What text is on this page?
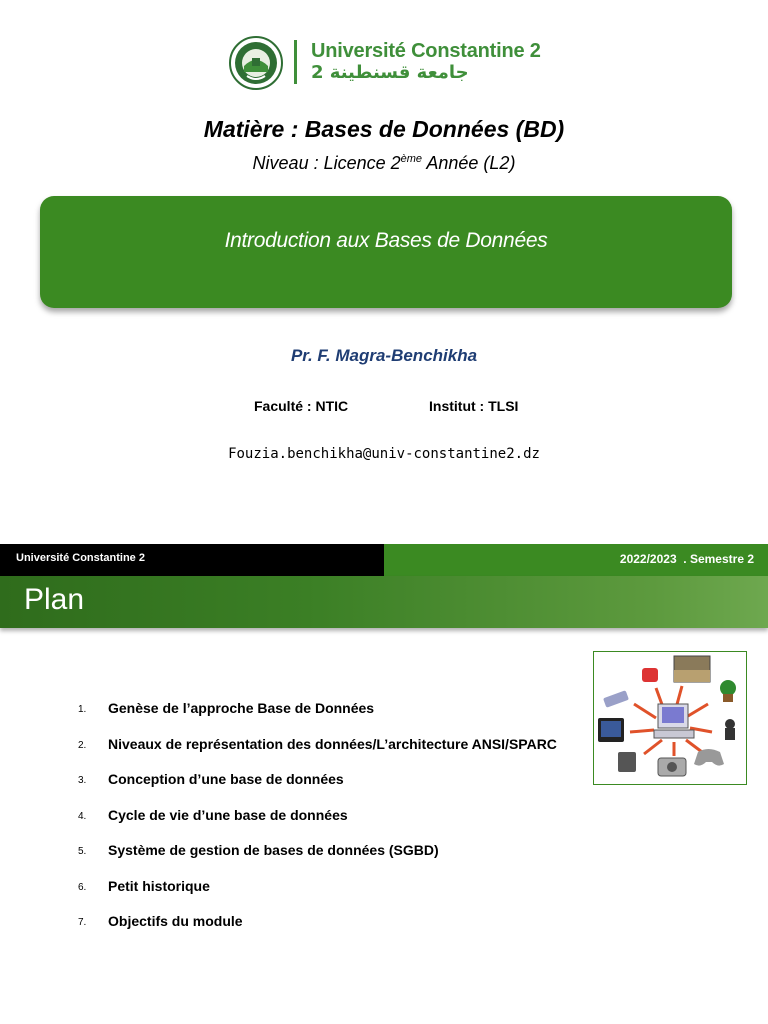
Université Constantine 2
جامعة قسنطينة 2
Matière : Bases de Données (BD)
Niveau : Licence 2ème Année (L2)
Introduction aux Bases de Données
Pr. F. Magra-Benchikha
Faculté : NTIC	Institut : TLSI
Fouzia.benchikha@univ-constantine2.dz
Université Constantine 2	2022/2023  . Semestre 2
Plan
1.	Genèse de l’approche Base de Données
2.	Niveaux de représentation des données/L’architecture ANSI/SPARC
3.	Conception d’une base de données
4.	Cycle de vie d’une base de données
5.	Système de gestion de bases de données (SGBD)
6.	Petit historique
7.	Objectifs du module
